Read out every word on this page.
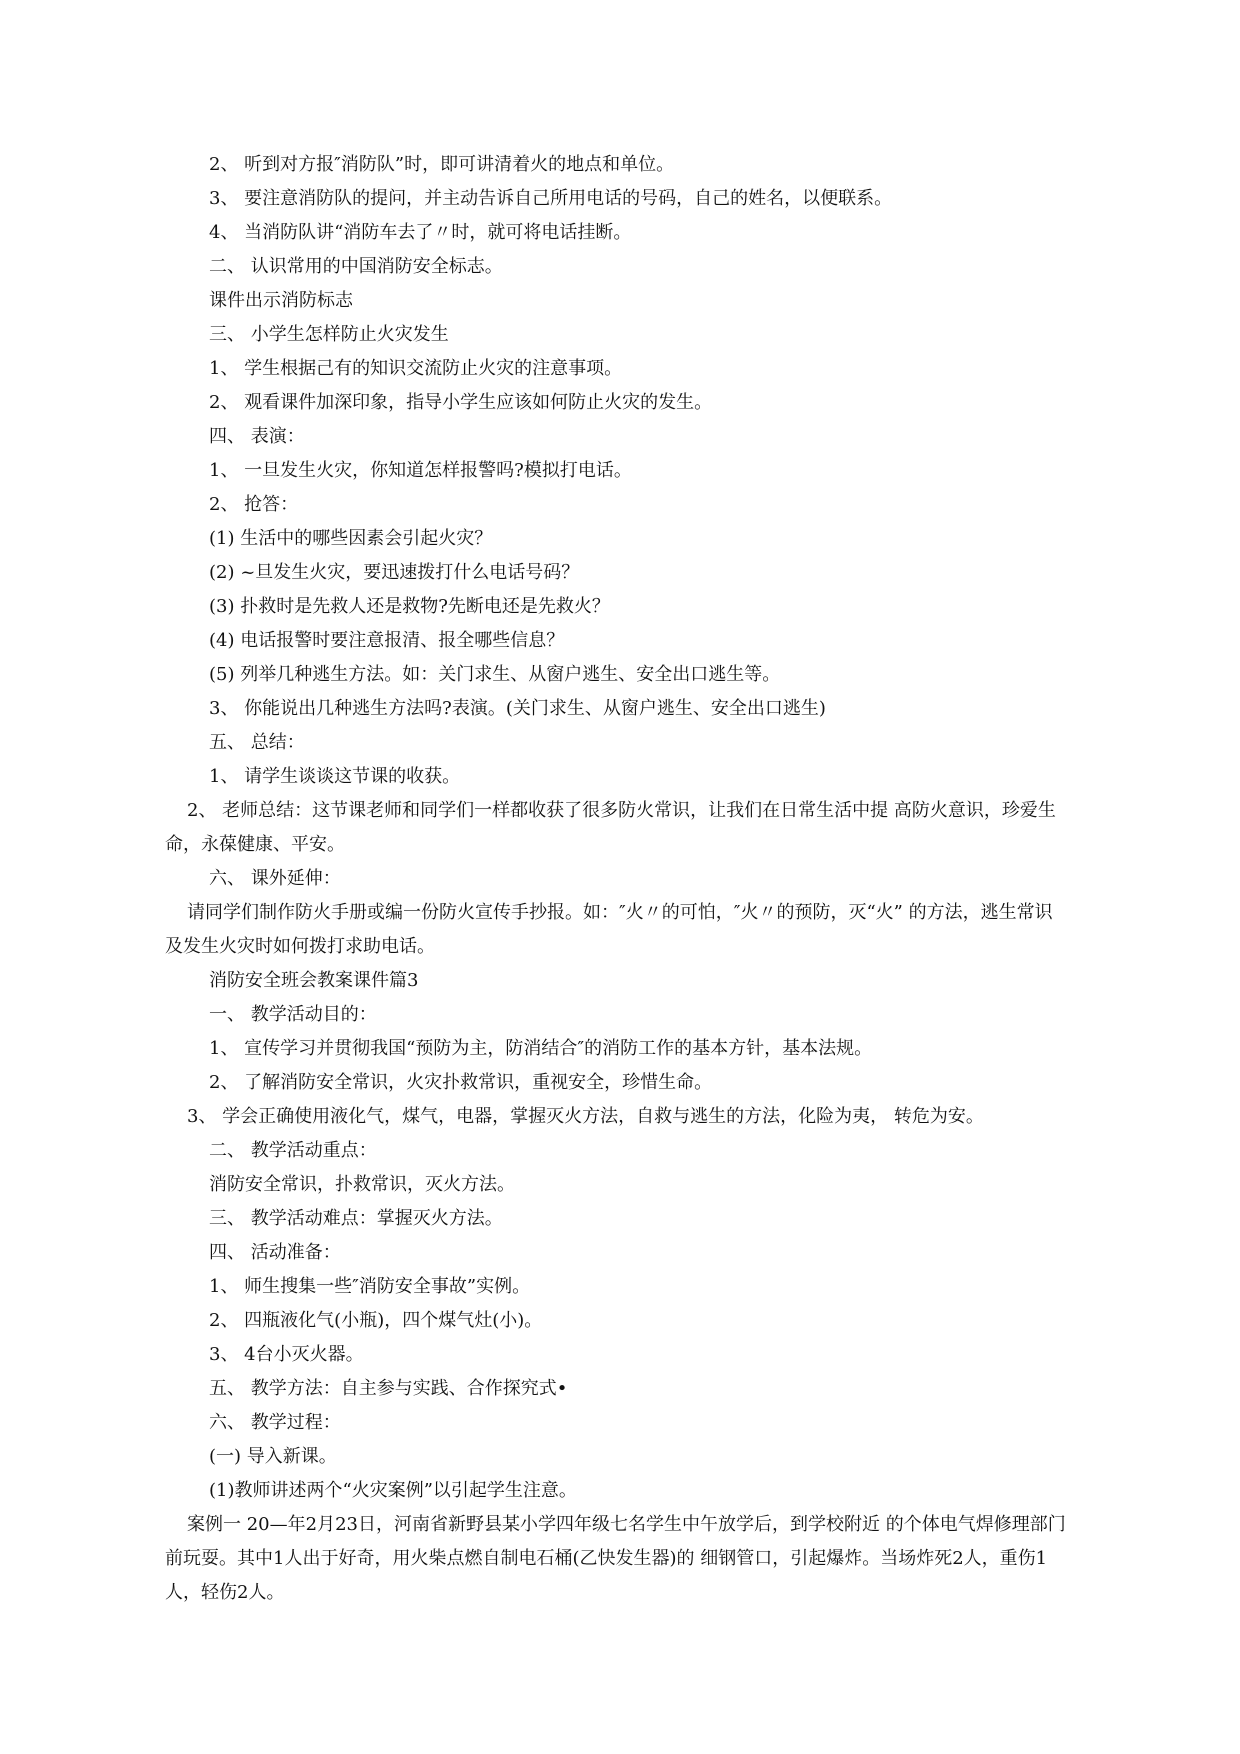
2、 听到对方报″消防队”时，即可讲清着火的地点和单位。
3、 要注意消防队的提问，并主动告诉自己所用电话的号码，自己的姓名，以便联系。
4、 当消防队讲“消防车去了〃时，就可将电话挂断。
二、 认识常用的中国消防安全标志。
课件出示消防标志
三、 小学生怎样防止火灾发生
1、 学生根据己有的知识交流防止火灾的注意事项。
2、 观看课件加深印象，指导小学生应该如何防止火灾的发生。
四、 表演：
1、 一旦发生火灾，你知道怎样报警吗?模拟打电话。
2、 抢答：
(1) 生活中的哪些因素会引起火灾？
(2) ~旦发生火灾，要迅速拨打什么电话号码？
(3) 扑救时是先救人还是救物?先断电还是先救火？
(4) 电话报警时要注意报清、报全哪些信息？
(5) 列举几种逃生方法。如：关门求生、从窗户逃生、安全出口逃生等。
3、 你能说出几种逃生方法吗?表演。(关门求生、从窗户逃生、安全出口逃生)
五、 总结：
1、 请学生谈谈这节课的收获。
2、 老师总结：这节课老师和同学们一样都收获了很多防火常识，让我们在日常生活中提 高防火意识，珍爱生命，永葆健康、平安。
六、 课外延伸：
请同学们制作防火手册或编一份防火宣传手抄报。如：″火〃的可怕，″火〃的预防，灭“火” 的方法，逃生常识及发生火灾时如何拨打求助电话。
消防安全班会教案课件篇3
一、 教学活动目的：
1、 宣传学习并贯彻我国“预防为主，防消结合″的消防工作的基本方针，基本法规。
2、 了解消防安全常识，火灾扑救常识，重视安全，珍惜生命。
3、 学会正确使用液化气，煤气，电器，掌握灭火方法，自救与逃生的方法，化险为夷， 转危为安。
二、 教学活动重点：
消防安全常识，扑救常识，灭火方法。
三、 教学活动难点：掌握灭火方法。
四、 活动准备：
1、 师生搜集一些″消防安全事故”实例。
2、 四瓶液化气(小瓶)，四个煤气灶(小)。
3、 4台小灭火器。
五、 教学方法：自主参与实践、合作探究式•
六、 教学过程：
(一) 导入新课。
(1)教师讲述两个“火灾案例”以引起学生注意。
案例一 20—年2月23日，河南省新野县某小学四年级七名学生中午放学后，到学校附近 的个体电气焊修理部门前玩耍。其中1人出于好奇，用火柴点燃自制电石桶(乙快发生器)的 细钢管口，引起爆炸。当场炸死2人，重伤1人，轻伤2人。
